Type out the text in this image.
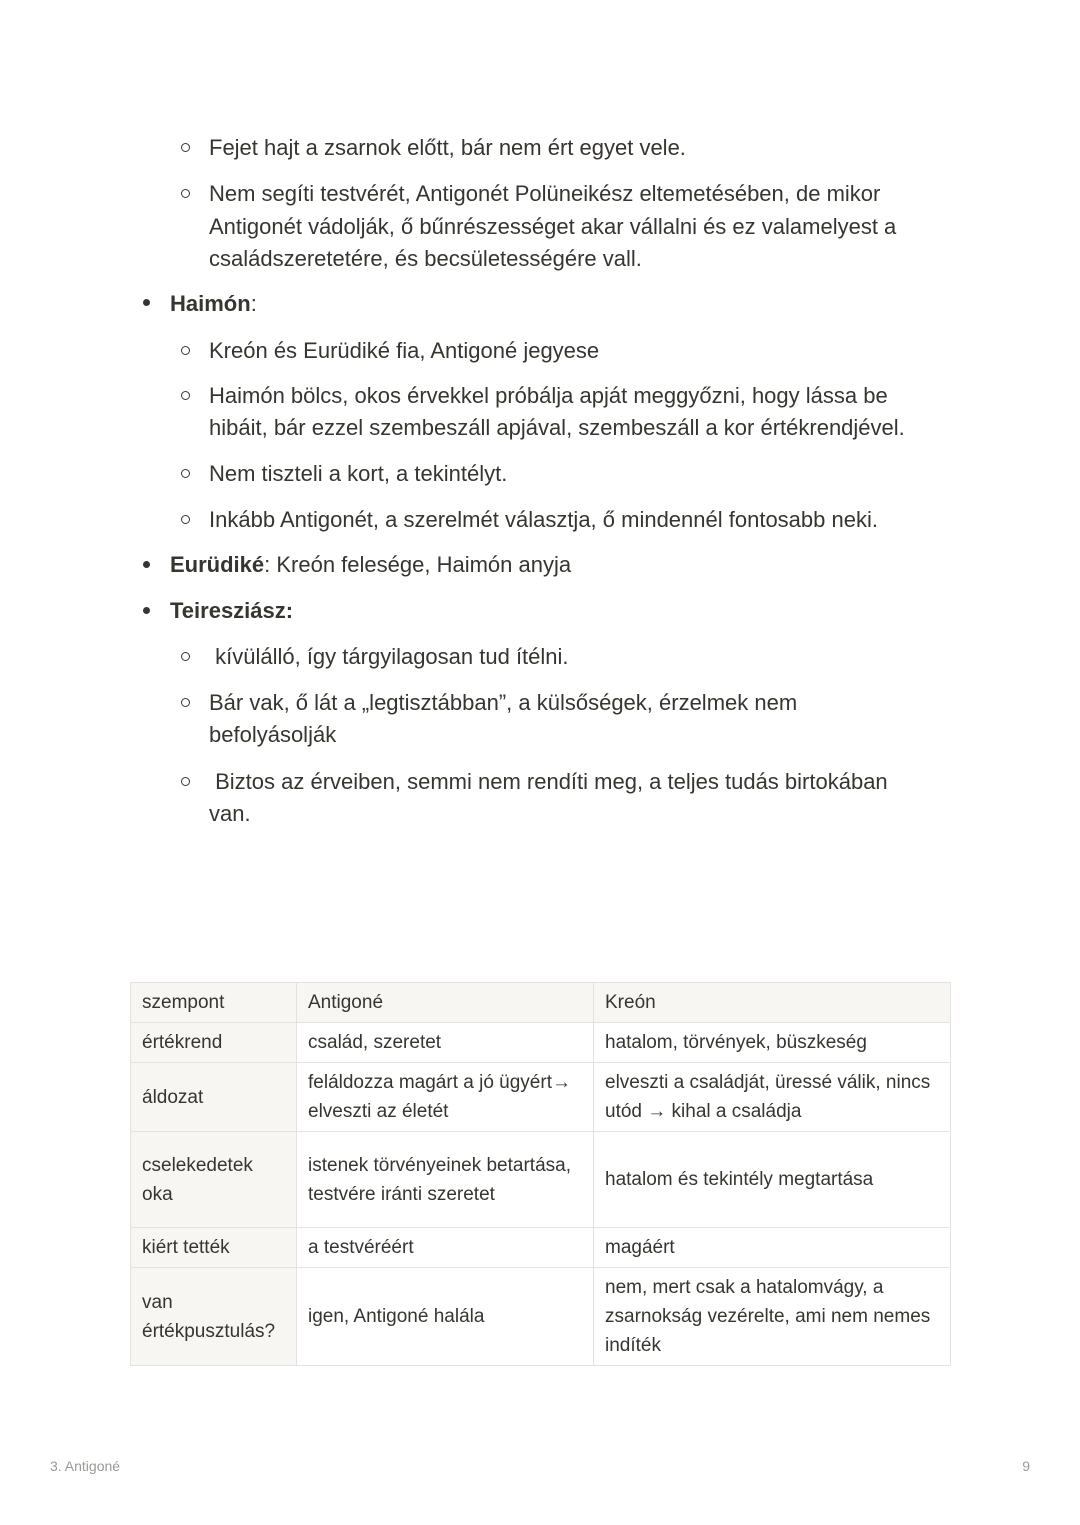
Fejet hajt a zsarnok előtt, bár nem ért egyet vele.
Nem segíti testvérét, Antigonét Polüneikész eltemetésében, de mikor
Antigonét vádolják, ő bűnrészességet akar vállalni és ez valamelyest a
családszeretetére, és becsületességére vall.
Haimón:
Kreón és Eurüdiké fia, Antigoné jegyese
Haimón bölcs, okos érvekkel próbálja apját meggyőzni, hogy lássa be
hibáit, bár ezzel szembeszáll apjával, szembeszáll a kor értékrendjével.
Nem tiszteli a kort, a tekintélyt.
Inkább Antigonét, a szerelmét választja, ő mindennél fontosabb neki.
Eurüdiké: Kreón felesége, Haimón anyja
Teiresziász:
kívülálló, így tárgyilagosan tud ítélni.
Bár vak, ő lát a „legtisztábban”, a külsőségek, érzelmek nem
befolyásolják
Biztos az érveiben, semmi nem rendíti meg, a teljes tudás birtokában
van.
szempont	Antigoné	Kreón
értékrend	család, szeretet	hatalom, törvények, büszkeség
áldozat	feláldozza magárt a jó ügyért→ elveszti az életét	elveszti a családját, üressé válik, nincs utód → kihal a családja
cselekedetek oka	istenek törvényeinek betartása, testvére iránti szeretet	hatalom és tekintély megtartása
kiért tették	a testvéréért	magáért
van értékpusztulás?	igen, Antigoné halála	nem, mert csak a hatalomvágy, a zsarnokság vezérelte, ami nem nemes indíték
3. Antigoné	9
